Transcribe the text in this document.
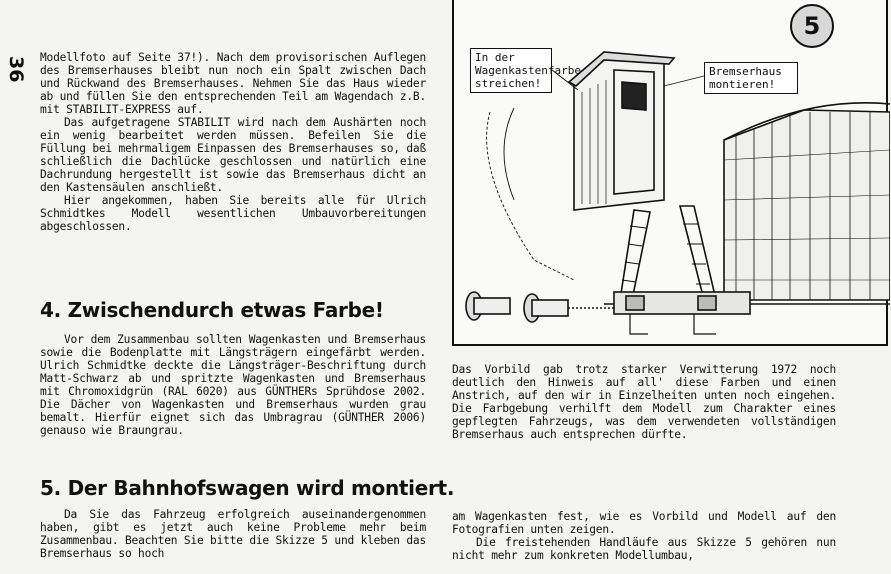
36	Modellfoto auf Seite 37!). Nach dem provisorischen Auflegen des Bremserhauses bleibt nun noch ein Spalt zwischen Dach und Rückwand des Bremserhauses. Nehmen Sie das Haus wieder ab und füllen Sie den entsprechenden Teil am Wagendach z.B. mit STABILIT-EXPRESS auf.

Das aufgetragene STABILIT wird nach dem Aushärten noch ein wenig bearbeitet werden müssen. Befeilen Sie die Füllung bei mehrmaligem Einpassen des Bremserhauses so, daß schließlich die Dachlücke geschlossen und natürlich eine Dachrundung hergestellt ist sowie das Bremserhaus dicht an den Kastensäulen anschließt.

Hier angekommen, haben Sie bereits alle für Ulrich Schmidtkes Modell wesentlichen Umbauvorbereitungen abgeschlossen.

4. Zwischendurch etwas Farbe!

Vor dem Zusammenbau sollten Wagenkasten und Bremserhaus sowie die Bodenplatte mit Längsträgern eingefärbt werden. Ulrich Schmidtke deckte die Längsträger-Beschriftung durch Matt-Schwarz ab und spritzte Wagenkasten und Bremserhaus mit Chromoxidgrün (RAL 6020) aus GÜNTHERs Sprühdose 2002. Die Dächer von Wagenkasten und Bremserhaus wurden grau bemalt. Hierfür eignet sich das Umbragrau (GÜNTHER 2006) genauso wie Braungrau.

5
In der Wagenkastenfarbe streichen!
Bremserhaus montieren!

Das Vorbild gab trotz starker Verwitterung 1972 noch deutlich den Hinweis auf all' diese Farben und einen Anstrich, auf den wir in Einzelheiten unten noch eingehen. Die Farbgebung verhilft dem Modell zum Charakter eines gepflegten Fahrzeugs, was dem verwendeten vollständigen Bremserhaus auch entsprechen dürfte.

5. Der Bahnhofswagen wird montiert.

Da Sie das Fahrzeug erfolgreich auseinandergenommen haben, gibt es jetzt auch keine Probleme mehr beim Zusammenbau. Beachten Sie bitte die Skizze 5 und kleben das Bremserhaus so hoch

am Wagenkasten fest, wie es Vorbild und Modell auf den Fotografien unten zeigen.

Die freistehenden Handläufe aus Skizze 5 gehören nun nicht mehr zum konkreten Modellumbau,
